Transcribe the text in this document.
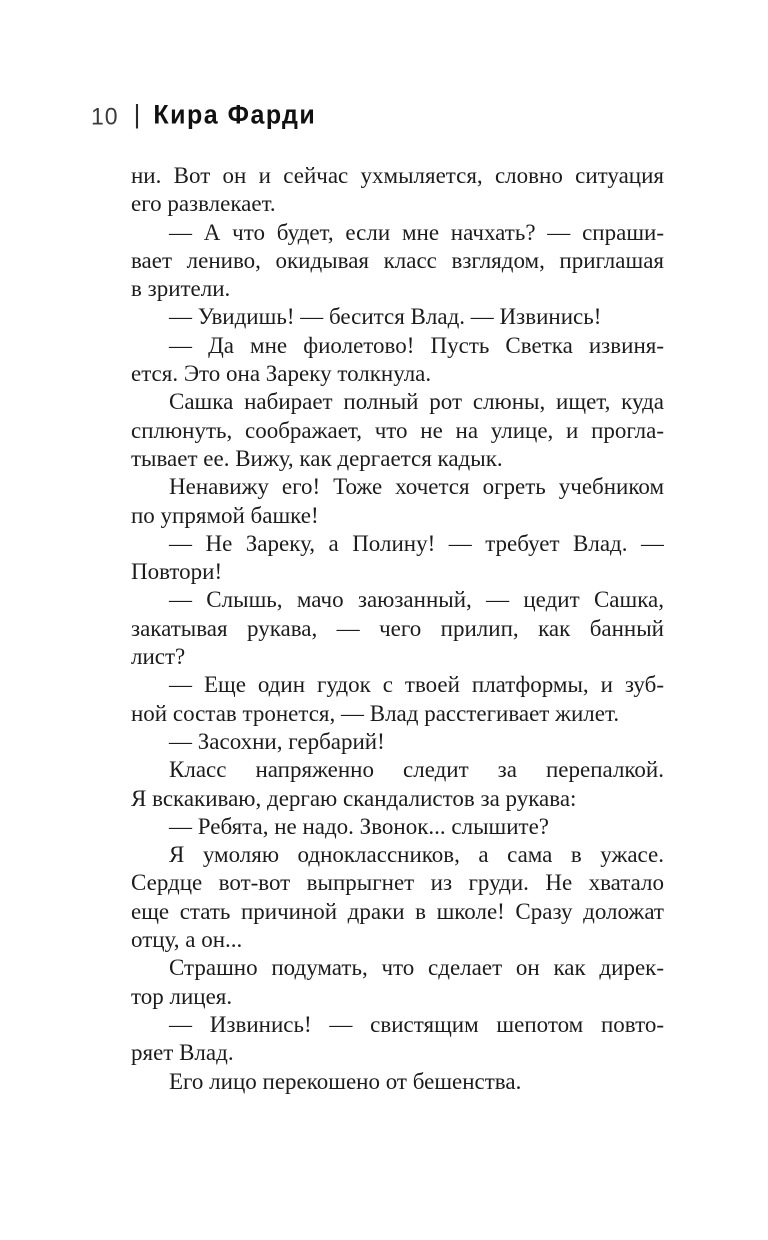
10 | Кира Фарди
ни. Вот он и сейчас ухмыляется, словно ситуация
его развлекает.
— А что будет, если мне начхать? — спраши-
вает лениво, окидывая класс взглядом, приглашая
в зрители.
— Увидишь! — бесится Влад. — Извинись!
— Да мне фиолетово! Пусть Светка извиня-
ется. Это она Зареку толкнула.
Сашка набирает полный рот слюны, ищет, куда
сплюнуть, соображает, что не на улице, и прогла-
тывает ее. Вижу, как дергается кадык.
Ненавижу его! Тоже хочется огреть учебником
по упрямой башке!
— Не Зареку, а Полину! — требует Влад. —
Повтори!
— Слышь, мачо заюзанный, — цедит Сашка,
закатывая рукава, — чего прилип, как банный
лист?
— Еще один гудок с твоей платформы, и зуб-
ной состав тронется, — Влад расстегивает жилет.
— Засохни, гербарий!
Класс напряженно следит за перепалкой.
Я вскакиваю, дергаю скандалистов за рукава:
— Ребята, не надо. Звонок... слышите?
Я умоляю одноклассников, а сама в ужасе.
Сердце вот-вот выпрыгнет из груди. Не хватало
еще стать причиной драки в школе! Сразу доложат
отцу, а он...
Страшно подумать, что сделает он как дирек-
тор лицея.
— Извинись! — свистящим шепотом повто-
ряет Влад.
Его лицо перекошено от бешенства.
